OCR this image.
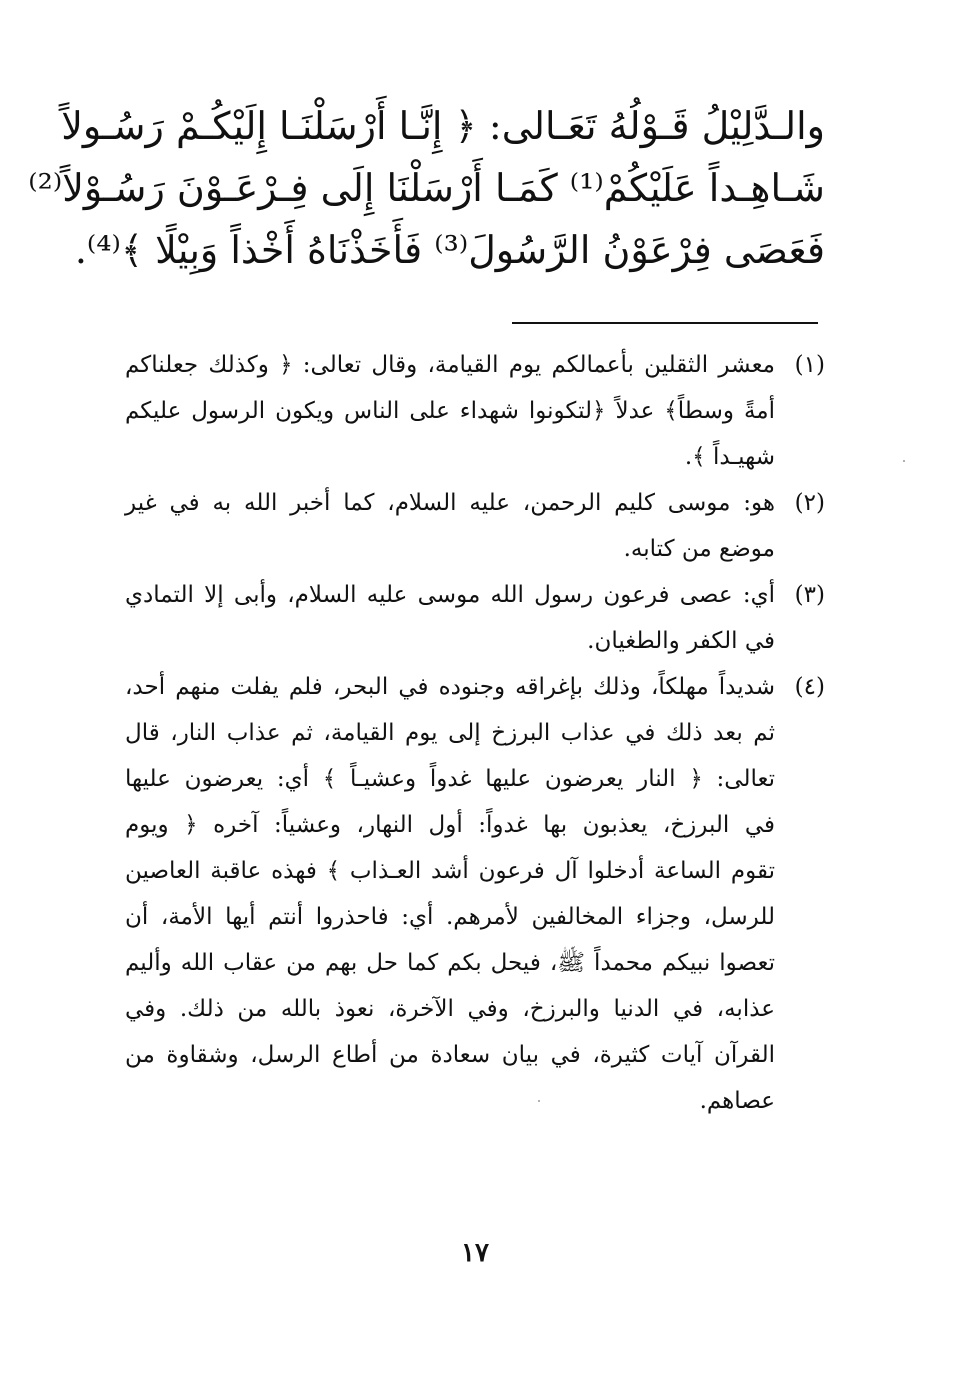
والـدَّلِيْلُ قَـوْلُهُ تَعَـالى: ﴿ إِنَّـا أَرْسَلْنَـا إِلَيْكُـمْ رَسُـولاً
شَـاهِـداً عَلَيْكُمْ⁽¹⁾ كَمَـا أَرْسَلْنَا إِلَى فِـرْعَـوْنَ رَسُـوْلاً⁽²⁾
فَعَصَى فِرْعَوْنُ الرَّسُولَ⁽³⁾ فَأَخَذْنَاهُ أَخْذاً وَبِيْلًا ﴾⁽⁴⁾.
(١)
معشر الثقلين بأعمالكم يوم القيامة، وقال تعالى: ﴿ وكذلك جعلناكم
أمةً وسطاً﴾ عدلاً ﴿لتكونوا شهداء على الناس ويكون الرسول عليكم
شهيـداً ﴾.
(٢)
هو: موسى كليم الرحمن، عليه السلام، كما أخبر الله به في غير
موضع من كتابه.
(٣)
أي: عصى فرعون رسول الله موسى عليه السلام، وأبى إلا التمادي
في الكفر والطغيان.
(٤)
شديداً مهلكاً، وذلك بإغراقه وجنوده في البحر، فلم يفلت منهم أحد،
ثم بعد ذلك في عذاب البرزخ إلى يوم القيامة، ثم عذاب النار، قال
تعالى: ﴿ النار يعرضون عليها غدواً وعشيـاً ﴾ أي: يعرضون عليها
في البرزخ، يعذبون بها غدواً: أول النهار، وعشياً: آخره ﴿ ويوم
تقوم الساعة أدخلوا آل فرعون أشد العـذاب ﴾ فهذه عاقبة العاصين
للرسل، وجزاء المخالفين لأمرهم. أي: فاحذروا أنتم أيها الأمة، أن
تعصوا نبيكم محمداً ﷺ، فيحل بكم كما حل بهم من عقاب الله وأليم
عذابه، في الدنيا والبرزخ، وفي الآخرة، نعوذ بالله من ذلك. وفي
القرآن آيات كثيرة، في بيان سعادة من أطاع الرسل، وشقاوة من
عصاهم.
١٧
